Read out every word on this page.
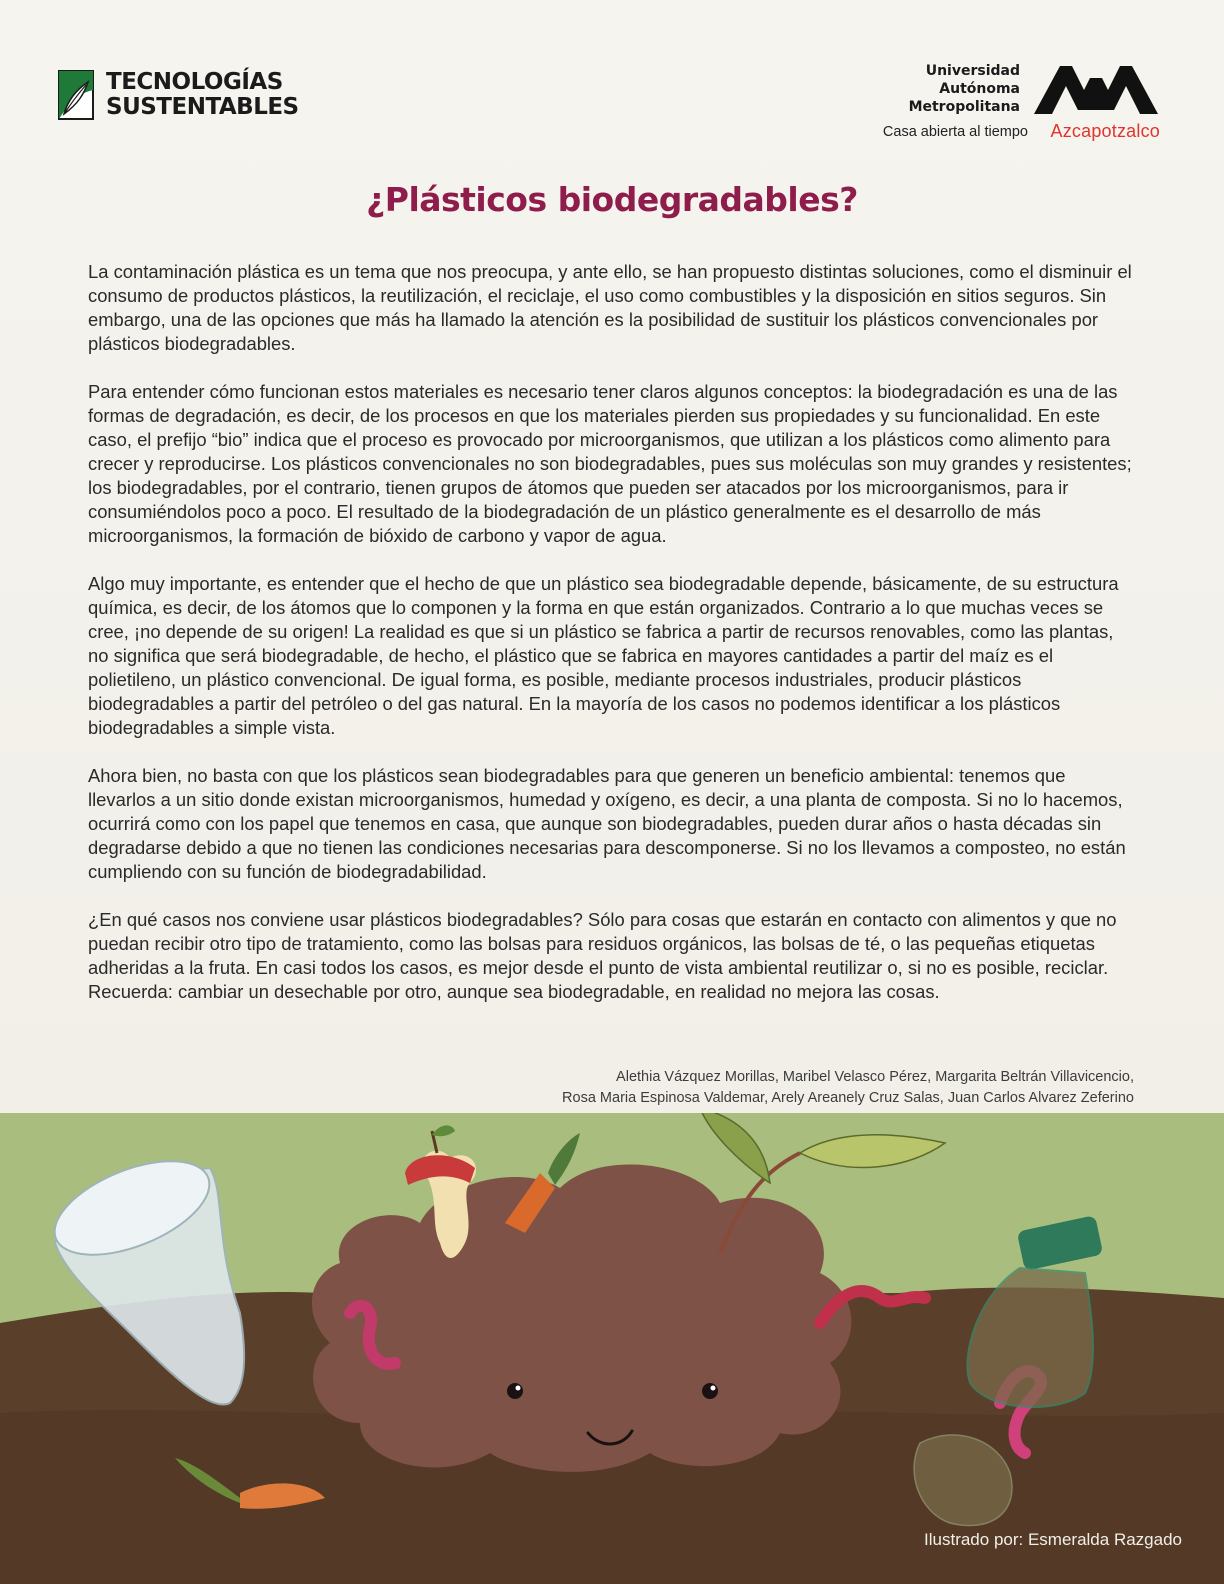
TECNOLOGÍAS
SUSTENTABLES
Universidad
Autónoma
Metropolitana
Casa abierta al tiempo Azcapotzalco
¿Plásticos biodegradables?

La contaminación plástica es un tema que nos preocupa, y ante ello, se han propuesto distintas soluciones, como el disminuir el consumo de productos plásticos, la reutilización, el reciclaje, el uso como combustibles y la disposición en sitios seguros. Sin embargo, una de las opciones que más ha llamado la atención es la posibilidad de sustituir los plásticos convencionales por plásticos biodegradables.

Para entender cómo funcionan estos materiales es necesario tener claros algunos conceptos: la biodegradación es una de las formas de degradación, es decir, de los procesos en que los materiales pierden sus propiedades y su funcionalidad. En este caso, el prefijo “bio” indica que el proceso es provocado por microorganismos, que utilizan a los plásticos como alimento para crecer y reproducirse. Los plásticos convencionales no son biodegradables, pues sus moléculas son muy grandes y resistentes; los biodegradables, por el contrario, tienen grupos de átomos que pueden ser atacados por los microorganismos, para ir consumiéndolos poco a poco. El resultado de la biodegradación de un plástico generalmente es el desarrollo de más microorganismos, la formación de bióxido de carbono y vapor de agua.

Algo muy importante, es entender que el hecho de que un plástico sea biodegradable depende, básicamente, de su estructura química, es decir, de los átomos que lo componen y la forma en que están organizados. Contrario a lo que muchas veces se cree, ¡no depende de su origen! La realidad es que si un plástico se fabrica a partir de recursos renovables, como las plantas, no significa que será biodegradable, de hecho, el plástico que se fabrica en mayores cantidades a partir del maíz es el polietileno, un plástico convencional. De igual forma, es posible, mediante procesos industriales, producir plásticos biodegradables a partir del petróleo o del gas natural. En la mayoría de los casos no podemos identificar a los plásticos biodegradables a simple vista.

Ahora bien, no basta con que los plásticos sean biodegradables para que generen un beneficio ambiental: tenemos que llevarlos a un sitio donde existan microorganismos, humedad y oxígeno, es decir, a una planta de composta. Si no lo hacemos, ocurrirá como con los papel que tenemos en casa, que aunque son biodegradables, pueden durar años o hasta décadas sin degradarse debido a que no tienen las condiciones necesarias para descomponerse. Si no los llevamos a composteo, no están cumpliendo con su función de biodegradabilidad.

¿En qué casos nos conviene usar plásticos biodegradables? Sólo para cosas que estarán en contacto con alimentos y que no puedan recibir otro tipo de tratamiento, como las bolsas para residuos orgánicos, las bolsas de té, o las pequeñas etiquetas adheridas a la fruta. En casi todos los casos, es mejor desde el punto de vista ambiental reutilizar o, si no es posible, reciclar. Recuerda: cambiar un desechable por otro, aunque sea biodegradable, en realidad no mejora las cosas.

Alethia Vázquez Morillas, Maribel Velasco Pérez, Margarita Beltrán Villavicencio,
Rosa Maria Espinosa Valdemar, Arely Areanely Cruz Salas, Juan Carlos Alvarez Zeferino
Ilustrado por: Esmeralda Razgado
